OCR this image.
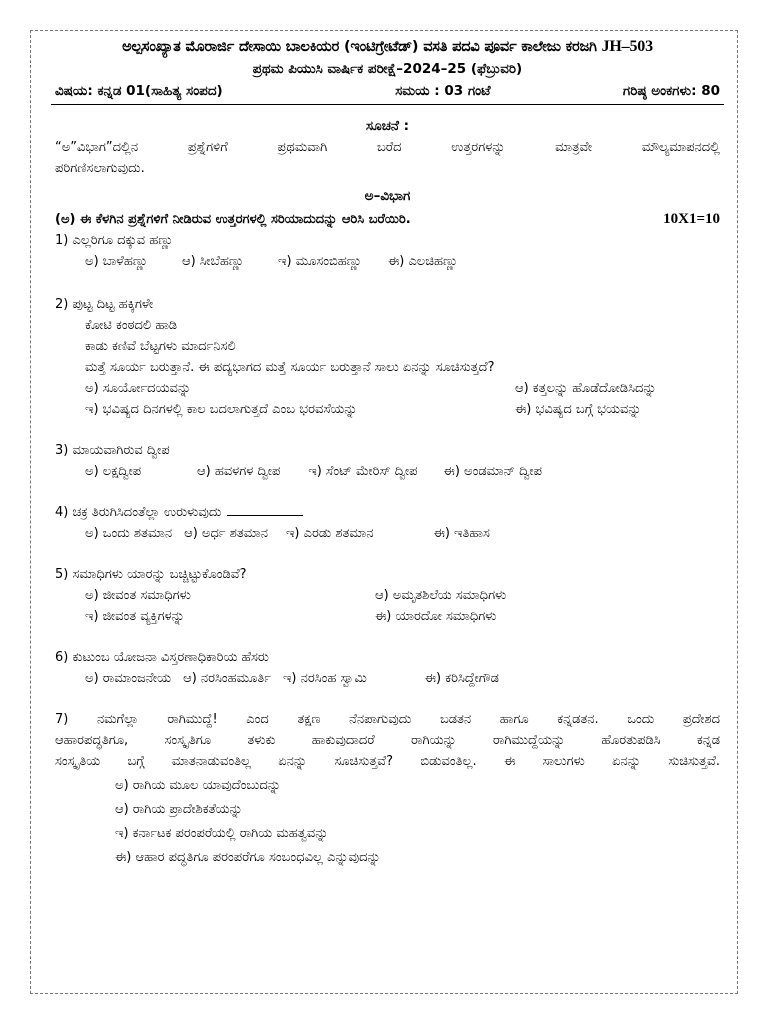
ಅಲ್ಪಸಂಖ್ಯಾತ ಮೊರಾರ್ಜಿ ದೇಸಾಯಿ ಬಾಲಕಿಯರ (ಇಂಟಿಗ್ರೇಟೆಡ್) ವಸತಿ ಪದವಿ ಪೂರ್ವ ಕಾಲೇಜು ಕರಜಗಿ JH–503
ಪ್ರಥಮ ಪಿಯುಸಿ ವಾರ್ಷಿಕ ಪರೀಕ್ಷೆ–2024–25 (ಫೆಬ್ರುವರಿ)
ವಿಷಯ: ಕನ್ನಡ 01(ಸಾಹಿತ್ಯ ಸಂಪದ)	ಸಮಯ : 03 ಗಂಟೆ	ಗರಿಷ್ಠ ಅಂಕಗಳು: 80
ಸೂಚನೆ :
“ಅ”ವಿಭಾಗ”ದಲ್ಲಿನ ಪ್ರಶ್ನೆಗಳಿಗೆ ಪ್ರಥಮವಾಗಿ ಬರೆದ ಉತ್ತರಗಳನ್ನು ಮಾತ್ರವೇ ಮೌಲ್ಯಮಾಪನದಲ್ಲಿ
ಪರಿಗಣಿಸಲಾಗುವುದು.
ಅ–ವಿಭಾಗ
(ಅ) ಈ ಕೆಳಗಿನ ಪ್ರಶ್ನೆಗಳಿಗೆ ನೀಡಿರುವ ಉತ್ತರಗಳಲ್ಲಿ ಸರಿಯಾದುದನ್ನು ಆರಿಸಿ ಬರೆಯಿರಿ.	10X1=10
1) ಎಲ್ಲರಿಗೂ ದಕ್ಕುವ ಹಣ್ಣು
ಅ) ಬಾಳೆಹಣ್ಣು	ಆ) ಸೀಬೆಹಣ್ಣು	ಇ) ಮೂಸಂಬಿಹಣ್ಣು ಈ) ಎಲಚಿಹಣ್ಣು
2) ಪುಟ್ಟ ದಿಟ್ಟ ಹಕ್ಕಿಗಳೇ
ಕೋಟಿ ಕಂಠದಲಿ ಹಾಡಿ
ಕಾಡು ಕಣಿವೆ ಬೆಟ್ಟಗಳು ಮಾರ್ದನಿಸಲಿ
ಮತ್ತೆ ಸೂರ್ಯ ಬರುತ್ತಾನೆ. ಈ ಪದ್ಯಭಾಗದ ಮತ್ತೆ ಸೂರ್ಯ ಬರುತ್ತಾನೆ ಸಾಲು ಏನನ್ನು ಸೂಚಿಸುತ್ತದೆ?
ಅ) ಸೂರ್ಯೋದಯವನ್ನು	ಆ) ಕತ್ತಲನ್ನು ಹೊಡೆದೋಡಿಸಿದನ್ನು
ಇ) ಭವಿಷ್ಯದ ದಿನಗಳಲ್ಲಿ ಕಾಲ ಬದಲಾಗುತ್ತದೆ ಎಂಬ ಭರವಸೆಯನ್ನು	ಈ) ಭವಿಷ್ಯದ ಬಗ್ಗೆ ಭಯವನ್ನು
3) ಮಾಯವಾಗಿರುವ ದ್ವೀಪ
ಅ) ಲಕ್ಷದ್ವೀಪ	ಆ) ಹವಳಗಳ ದ್ವೀಪ ಇ) ಸೆಂಟ್ ಮೇರಿಸ್ ದ್ವೀಪ ಈ) ಅಂಡಮಾನ್ ದ್ವೀಪ
4) ಚಕ್ರ ತಿರುಗಿಸಿದಂತೆಲ್ಲಾ ಉರುಳುವುದು
ಅ) ಒಂದು ಶತಮಾನ ಆ) ಅರ್ಧ ಶತಮಾನ ಇ) ಎರಡು ಶತಮಾನ	ಈ) ಇತಿಹಾಸ
5) ಸಮಾಧಿಗಳು ಯಾರನ್ನು ಬಚ್ಚಿಟ್ಟುಕೊಂಡಿವೆ?
ಅ) ಜೀವಂತ ಸಮಾಧಿಗಳು	ಆ) ಅಮೃತಶಿಲೆಯ ಸಮಾಧಿಗಳು
ಇ) ಜೀವಂತ ವ್ಯಕ್ತಿಗಳನ್ನು	ಈ) ಯಾರದೋ ಸಮಾಧಿಗಳು
6) ಕುಟುಂಬ ಯೋಜನಾ ವಿಸ್ತರಣಾಧಿಕಾರಿಯ ಹೆಸರು
ಅ) ರಾಮಾಂಜನೇಯ ಆ) ನರಸಿಂಹಮೂರ್ತಿ ಇ) ನರಸಿಂಹ ಸ್ವಾಮಿ	ಈ) ಕರಿಸಿದ್ದೇಗೌಡ
7) ನಮಗೆಲ್ಲಾ ರಾಗಿಮುದ್ದೆ! ಎಂದ ತಕ್ಷಣ ನೆನಪಾಗುವುದು ಬಡತನ ಹಾಗೂ ಕನ್ನಡತನ. ಒಂದು ಪ್ರದೇಶದ
ಆಹಾರಪದ್ಧತಿಗೂ, ಸಂಸ್ಕೃತಿಗೂ ತಳುಕು ಹಾಕುವುದಾದರೆ ರಾಗಿಯನ್ನು ರಾಗಿಮುದ್ದೆಯನ್ನು ಹೊರತುಪಡಿಸಿ ಕನ್ನಡ
ಸಂಸ್ಕೃತಿಯ ಬಗ್ಗೆ ಮಾತನಾಡುವಂತಿಲ್ಲ ಏನನ್ನು ಸೂಚಿಸುತ್ತವೆ? ಬಿಡುವಂತಿಲ್ಲ. ಈ ಸಾಲುಗಳು ಏನನ್ನು ಸುಚಿಸುತ್ತವೆ.
ಅ) ರಾಗಿಯ ಮೂಲ ಯಾವುದೆಂಬುದನ್ನು
ಆ) ರಾಗಿಯ ಪ್ರಾದೇಶಿಕತೆಯನ್ನು
ಇ) ಕರ್ನಾಟಕ ಪರಂಪರೆಯಲ್ಲಿ ರಾಗಿಯ ಮಹತ್ವವನ್ನು
ಈ) ಆಹಾರ ಪದ್ಧತಿಗೂ ಪರಂಪರೆಗೂ ಸಂಬಂಧವಿಲ್ಲ ಎನ್ನುವುದನ್ನು
